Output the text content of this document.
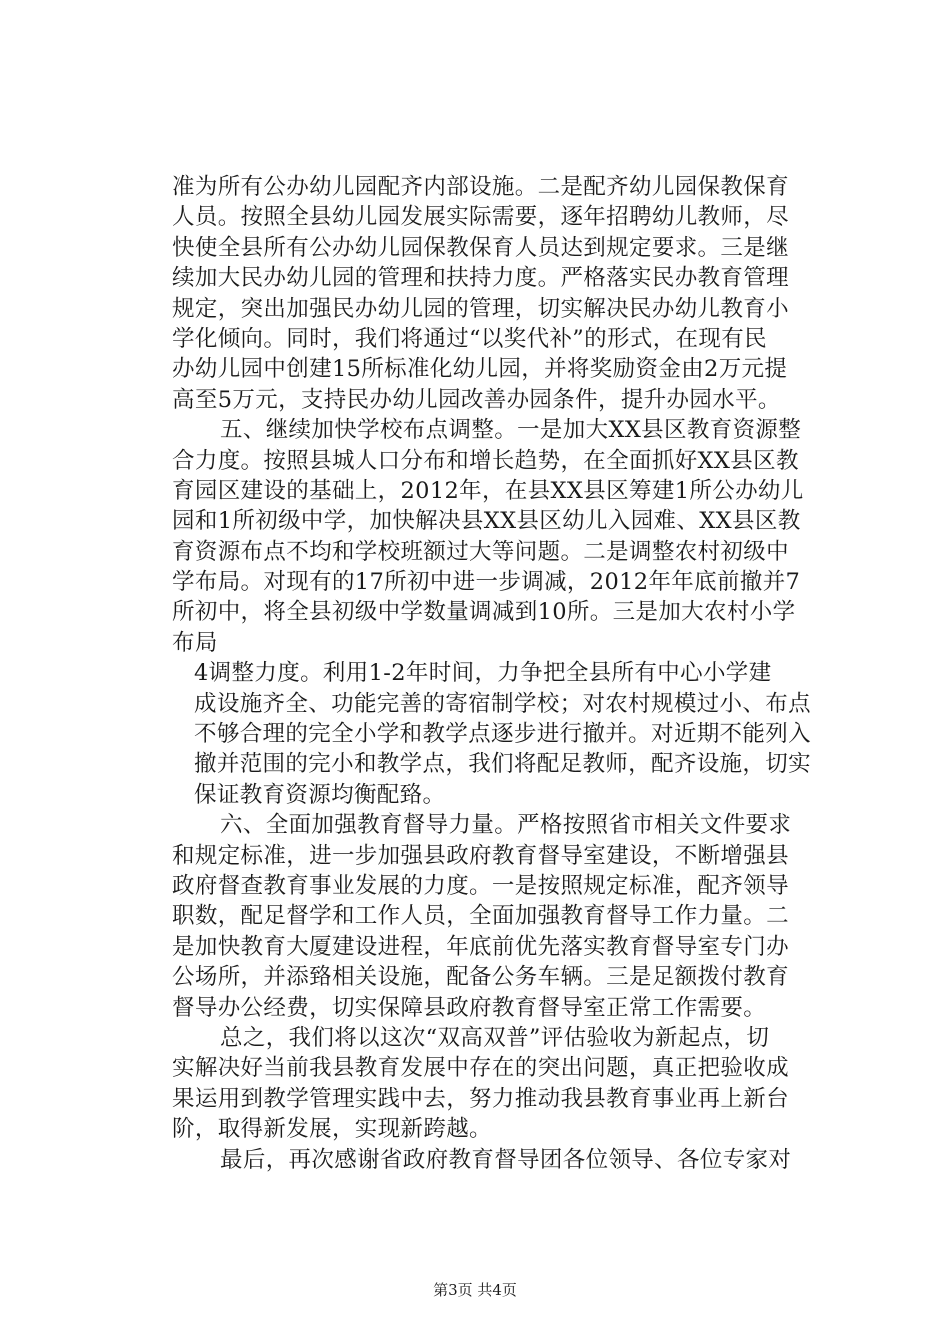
准为所有公办幼儿园配齐内部设施。二是配齐幼儿园保教保育
人员。按照全县幼儿园发展实际需要，逐年招聘幼儿教师，尽
快使全县所有公办幼儿园保教保育人员达到规定要求。三是继
续加大民办幼儿园的管理和扶持力度。严格落实民办教育管理
规定，突出加强民办幼儿园的管理，切实解决民办幼儿教育小
学化倾向。同时，我们将通过“以奖代补”的形式，在现有民
办幼儿园中创建15所标准化幼儿园，并将奖励资金由2万元提
高至5万元，支持民办幼儿园改善办园条件，提升办园水平。
五、继续加快学校布点调整。一是加大XX县区教育资源整
合力度。按照县城人口分布和增长趋势，在全面抓好XX县区教
育园区建设的基础上，2012年，在县XX县区筹建1所公办幼儿
园和1所初级中学，加快解决县XX县区幼儿入园难、XX县区教
育资源布点不均和学校班额过大等问题。二是调整农村初级中
学布局。对现有的17所初中进一步调减，2012年年底前撤并7
所初中，将全县初级中学数量调减到10所。三是加大农村小学
布局
4调整力度。利用1-2年时间，力争把全县所有中心小学建
成设施齐全、功能完善的寄宿制学校；对农村规模过小、布点
不够合理的完全小学和教学点逐步进行撤并。对近期不能列入
撤并范围的完小和教学点，我们将配足教师，配齐设施，切实
保证教育资源均衡配臵。
六、全面加强教育督导力量。严格按照省市相关文件要求
和规定标准，进一步加强县政府教育督导室建设，不断增强县
政府督查教育事业发展的力度。一是按照规定标准，配齐领导
职数，配足督学和工作人员，全面加强教育督导工作力量。二
是加快教育大厦建设进程，年底前优先落实教育督导室专门办
公场所，并添臵相关设施，配备公务车辆。三是足额拨付教育
督导办公经费，切实保障县政府教育督导室正常工作需要。
总之，我们将以这次“双高双普”评估验收为新起点，切
实解决好当前我县教育发展中存在的突出问题，真正把验收成
果运用到教学管理实践中去，努力推动我县教育事业再上新台
阶，取得新发展，实现新跨越。
最后，再次感谢省政府教育督导团各位领导、各位专家对
第3页 共4页
